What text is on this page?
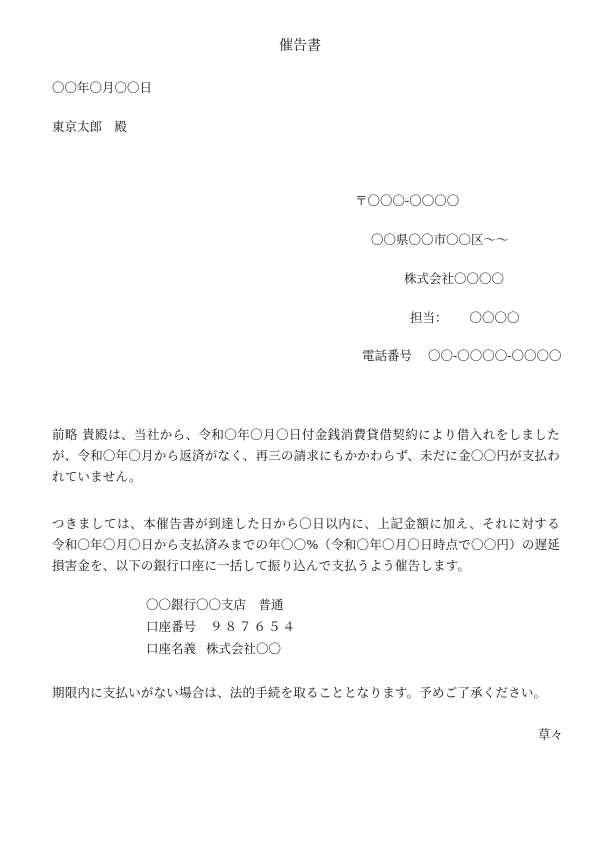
催告書
〇〇年〇月〇〇日
東京太郎　殿
〒〇〇〇-〇〇〇〇
〇〇県〇〇市〇〇区～～
株式会社〇〇〇〇
担当： 〇〇〇〇
電話番号 〇〇-〇〇〇〇-〇〇〇〇
前略 貴殿は、当社から、令和〇年〇月〇日付金銭消費貸借契約により借入れをしましたが、令和〇年〇月から返済がなく、再三の請求にもかかわらず、未だに金〇〇円が支払われていません。
つきましては、本催告書が到達した日から〇日以内に、上記金額に加え、それに対する令和〇年〇月〇日から支払済みまでの年〇〇%（令和〇年〇月〇日時点で〇〇円）の遅延損害金を、以下の銀行口座に一括して振り込んで支払うよう催告します。
〇〇銀行〇〇支店　普通
口座番号 ９８７６５４
口座名義 株式会社〇〇
期限内に支払いがない場合は、法的手続を取ることとなります。予めご了承ください。
草々
